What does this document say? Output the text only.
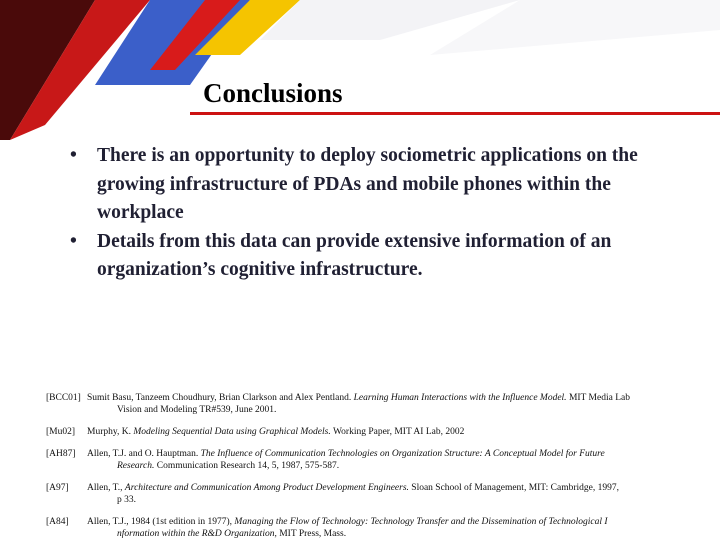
Conclusions
• There is an opportunity to deploy sociometric applications on the growing infrastructure of PDAs and mobile phones within the workplace
• Details from this data can provide extensive information of an organization’s cognitive infrastructure.
[BCC01] Sumit Basu, Tanzeem Choudhury, Brian Clarkson and Alex Pentland. Learning Human Interactions with the Influence Model. MIT Media Lab
Vision and Modeling TR#539, June 2001.
[Mu02] Murphy, K. Modeling Sequential Data using Graphical Models. Working Paper, MIT AI Lab, 2002
[AH87] Allen, T.J. and O. Hauptman. The Influence of Communication Technologies on Organization Structure: A Conceptual Model for Future
Research. Communication Research 14, 5, 1987, 575-587.
[A97] Allen, T., Architecture and Communication Among Product Development Engineers. Sloan School of Management, MIT: Cambridge, 1997,
p 33.
[A84] Allen, T.J., 1984 (1st edition in 1977), Managing the Flow of Technology: Technology Transfer and the Dissemination of Technological I
nformation within the R&D Organization, MIT Press, Mass.
